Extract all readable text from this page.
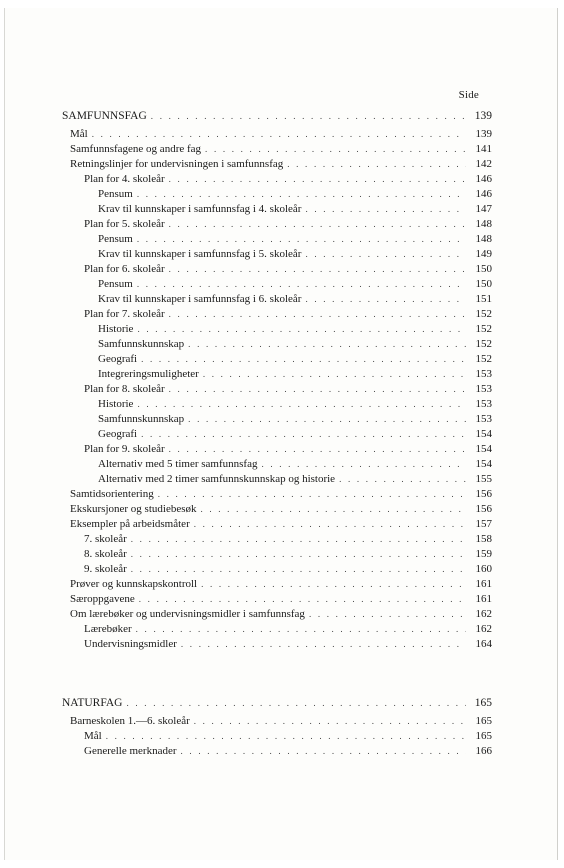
Side
SAMFUNNSFAG . . .	139
Mål . . .	139
Samfunnsfagene og andre fag . . .	141
Retningslinjer for undervisningen i samfunnsfag . . .	142
Plan for 4. skoleår . . .	146
Pensum . . .	146
Krav til kunnskaper i samfunnsfag i 4. skoleår . . .	147
Plan for 5. skoleår . . .	148
Pensum . . .	148
Krav til kunnskaper i samfunnsfag i 5. skoleår . . .	149
Plan for 6. skoleår . . .	150
Pensum . . .	150
Krav til kunnskaper i samfunnsfag i 6. skoleår . . .	151
Plan for 7. skoleår . . .	152
Historie . . .	152
Samfunnskunnskap . . .	152
Geografi . . .	152
Integreringsmuligheter . . .	153
Plan for 8. skoleår . . .	153
Historie . . .	153
Samfunnskunnskap . . .	153
Geografi . . .	154
Plan for 9. skoleår . . .	154
Alternativ med 5 timer samfunnsfag . . .	154
Alternativ med 2 timer samfunnskunnskap og historie . . .	155
Samtidsorientering . . .	156
Ekskursjoner og studiebesøk . . .	156
Eksempler på arbeidsmåter . . .	157
7. skoleår . . .	158
8. skoleår . . .	159
9. skoleår . . .	160
Prøver og kunnskapskontroll . . .	161
Særoppgavene . . .	161
Om lærebøker og undervisningsmidler i samfunnsfag . . .	162
Lærebøker . . .	162
Undervisningsmidler . . .	164
NATURFAG . . .	165
Barneskolen 1.—6. skoleår . . .	165
Mål . . .	165
Generelle merknader . . .	166
